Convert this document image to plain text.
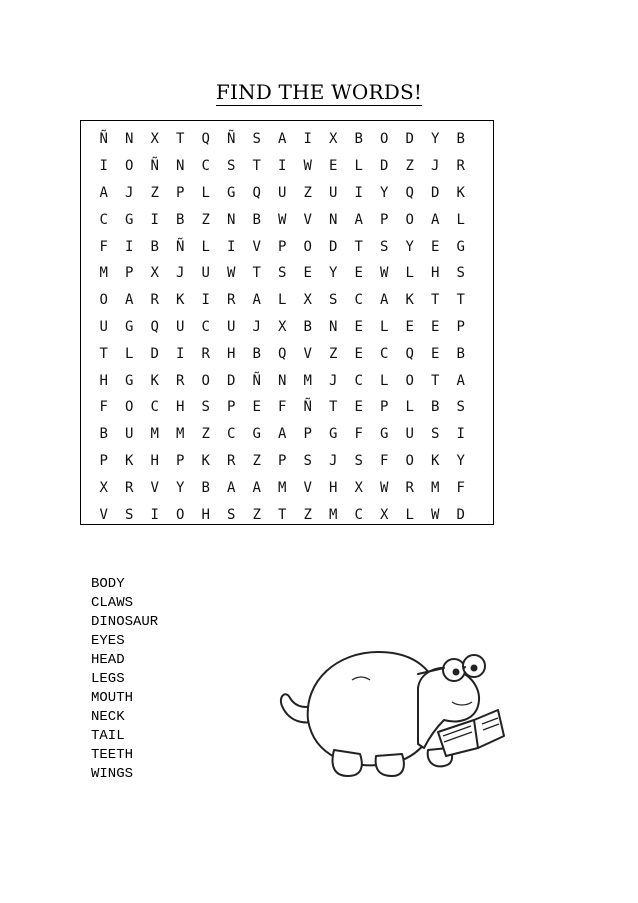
FIND THE WORDS!
Ñ	N	X	T	Q	Ñ	S	A	I	X	B	O	D	Y	B
I	O	Ñ	N	C	S	T	I	W	E	L	D	Z	J	R
A	J	Z	P	L	G	Q	U	Z	U	I	Y	Q	D	K
C	G	I	B	Z	N	B	W	V	N	A	P	O	A	L
F	I	B	Ñ	L	I	V	P	O	D	T	S	Y	E	G
M	P	X	J	U	W	T	S	E	Y	E	W	L	H	S
O	A	R	K	I	R	A	L	X	S	C	A	K	T	T
U	G	Q	U	C	U	J	X	B	N	E	L	E	E	P
T	L	D	I	R	H	B	Q	V	Z	E	C	Q	E	B
H	G	K	R	O	D	Ñ	N	M	J	C	L	O	T	A
F	O	C	H	S	P	E	F	Ñ	T	E	P	L	B	S
B	U	M	M	Z	C	G	A	P	G	F	G	U	S	I
P	K	H	P	K	R	Z	P	S	J	S	F	O	K	Y
X	R	V	Y	B	A	A	M	V	H	X	W	R	M	F
V	S	I	O	H	S	Z	T	Z	M	C	X	L	W	D
BODY
CLAWS
DINOSAUR
EYES
HEAD
LEGS
MOUTH
NECK
TAIL
TEETH
WINGS
